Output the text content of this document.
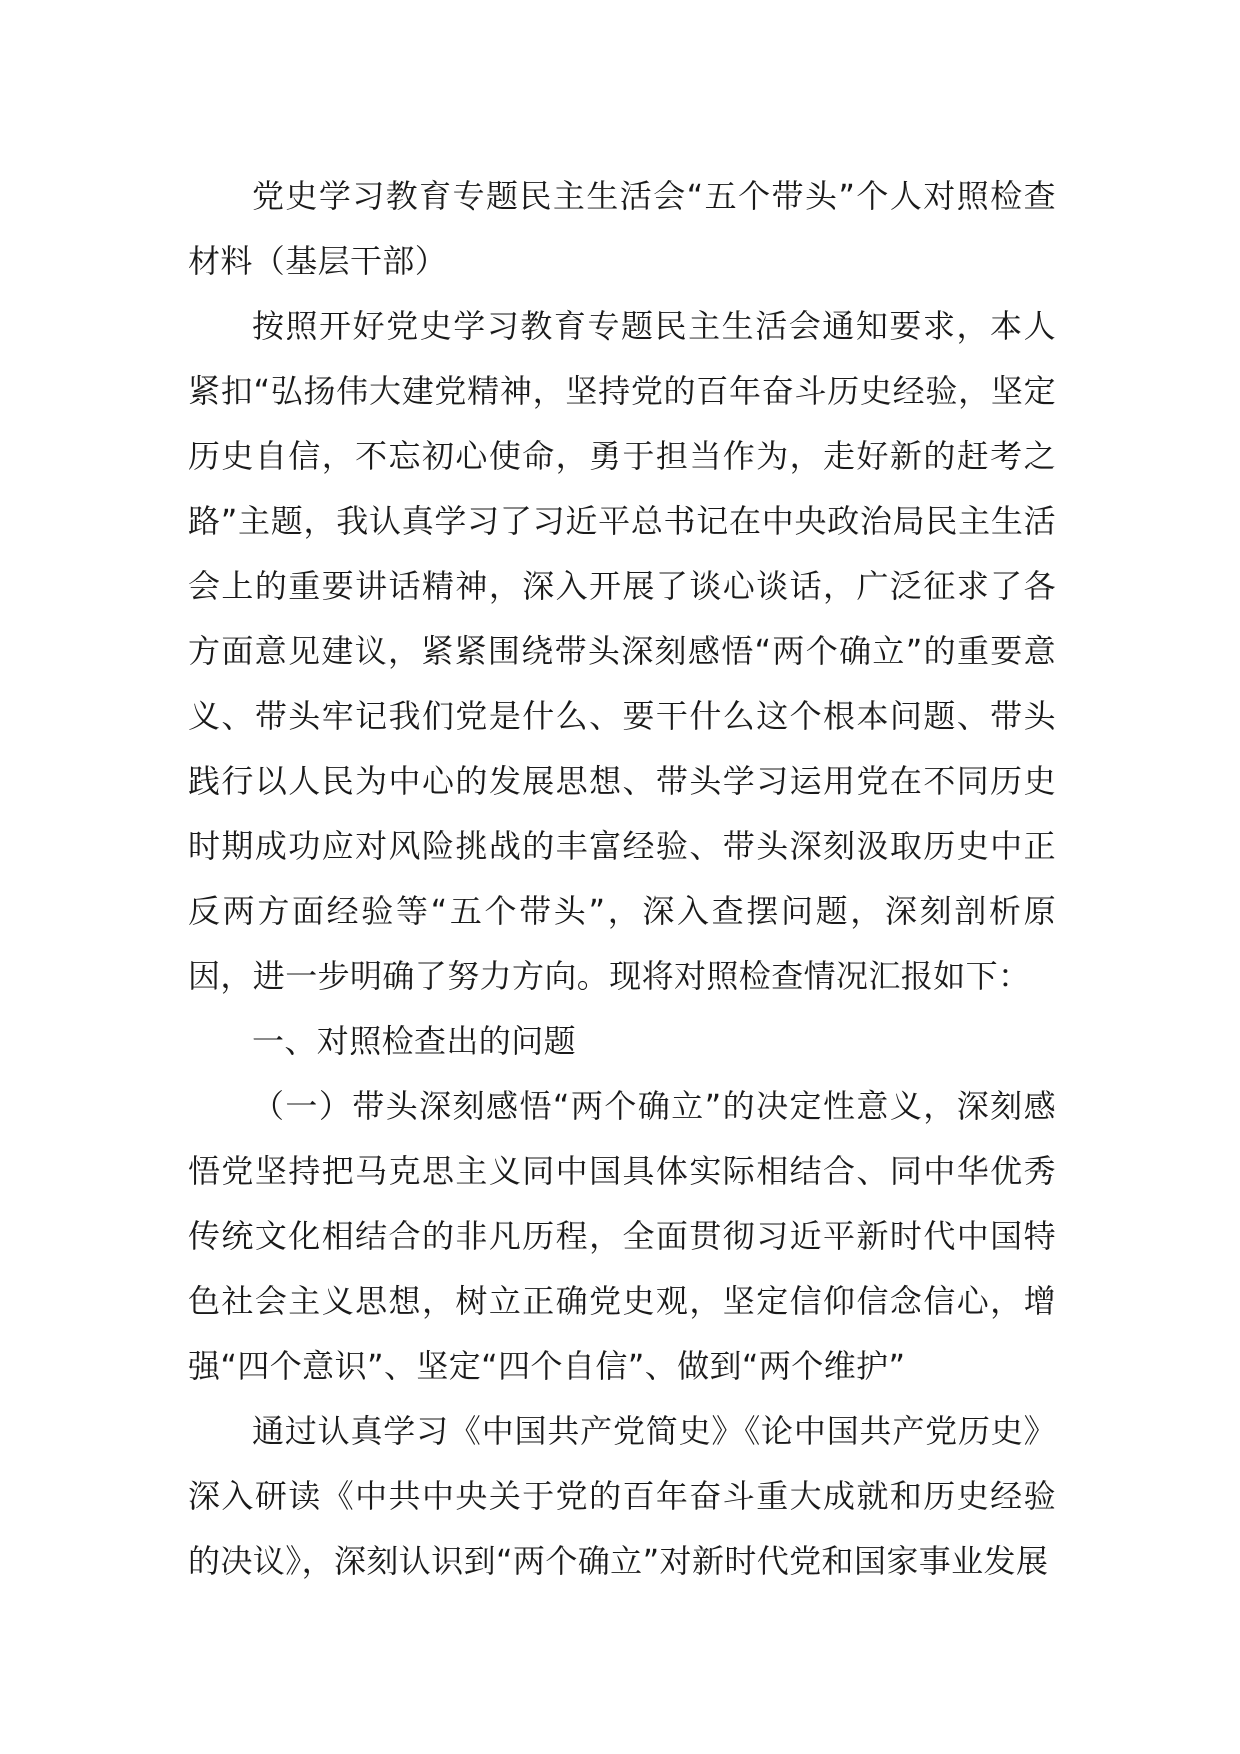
党史学习教育专题民主生活会“五个带头”个人对照检查材料（基层干部）

按照开好党史学习教育专题民主生活会通知要求，本人紧扣“弘扬伟大建党精神，坚持党的百年奋斗历史经验，坚定历史自信，不忘初心使命，勇于担当作为，走好新的赶考之路”主题，我认真学习了习近平总书记在中央政治局民主生活会上的重要讲话精神，深入开展了谈心谈话，广泛征求了各方面意见建议，紧紧围绕带头深刻感悟“两个确立”的重要意义、带头牢记我们党是什么、要干什么这个根本问题、带头践行以人民为中心的发展思想、带头学习运用党在不同历史时期成功应对风险挑战的丰富经验、带头深刻汲取历史中正反两方面经验等“五个带头”，深入查摆问题，深刻剖析原因，进一步明确了努力方向。现将对照检查情况汇报如下：

一、对照检查出的问题

（一）带头深刻感悟“两个确立”的决定性意义，深刻感悟党坚持把马克思主义同中国具体实际相结合、同中华优秀传统文化相结合的非凡历程，全面贯彻习近平新时代中国特色社会主义思想，树立正确党史观，坚定信仰信念信心，增强“四个意识”、坚定“四个自信”、做到“两个维护”

通过认真学习《中国共产党简史》《论中国共产党历史》深入研读《中共中央关于党的百年奋斗重大成就和历史经验的决议》，深刻认识到“两个确立”对新时代党和国家事业发展
